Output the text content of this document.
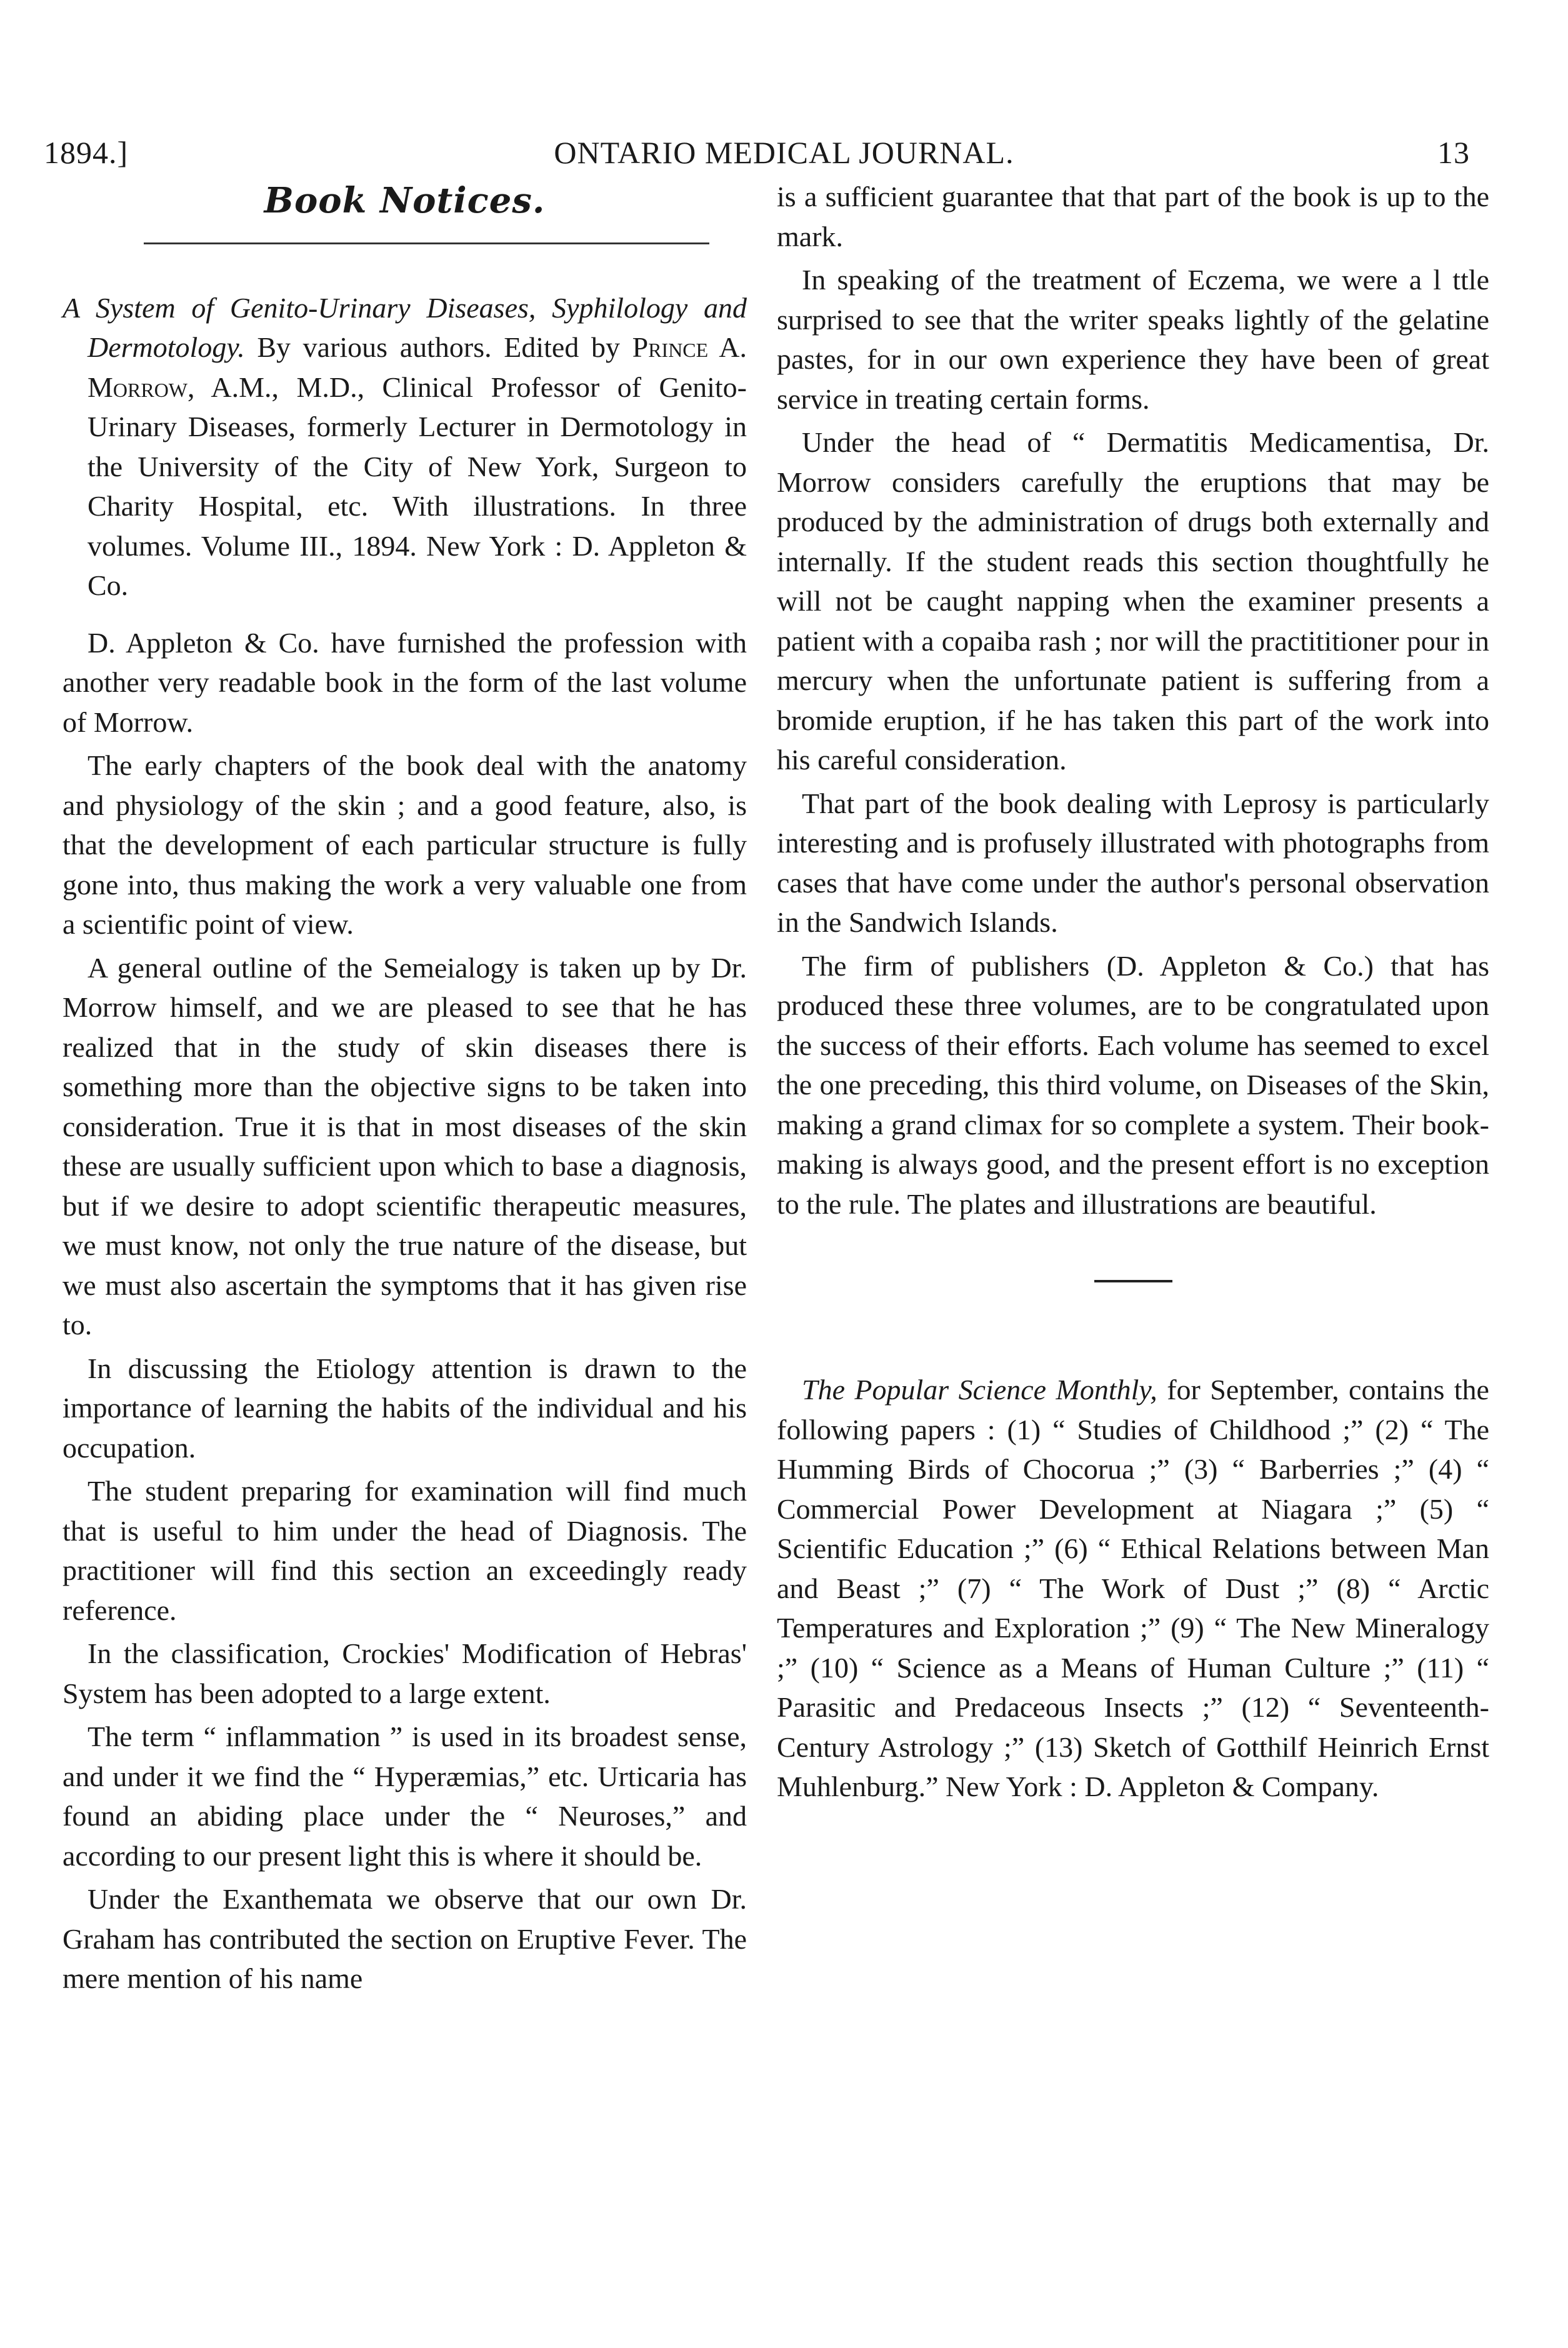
1894.]	ONTARIO MEDICAL JOURNAL.	13
Book Notices.

A System of Genito-Urinary Diseases, Syphilology and Dermotology. By various authors. Edited by Prince A. Morrow, A.M., M.D., Clinical Professor of Genito-Urinary Diseases, formerly Lecturer in Dermotology in the University of the City of New York, Surgeon to Charity Hospital, etc. With illustrations. In three volumes. Volume III., 1894. New York : D. Appleton & Co.

D. Appleton & Co. have furnished the profession with another very readable book in the form of the last volume of Morrow.

The early chapters of the book deal with the anatomy and physiology of the skin ; and a good feature, also, is that the development of each particular structure is fully gone into, thus making the work a very valuable one from a scientific point of view.

A general outline of the Semeialogy is taken up by Dr. Morrow himself, and we are pleased to see that he has realized that in the study of skin diseases there is something more than the objective signs to be taken into consideration. True it is that in most diseases of the skin these are usually sufficient upon which to base a diagnosis, but if we desire to adopt scientific therapeutic measures, we must know, not only the true nature of the disease, but we must also ascertain the symptoms that it has given rise to.

In discussing the Etiology attention is drawn to the importance of learning the habits of the individual and his occupation.

The student preparing for examination will find much that is useful to him under the head of Diagnosis. The practitioner will find this section an exceedingly ready reference.

In the classification, Crockies' Modification of Hebras' System has been adopted to a large extent.

The term “ inflammation ” is used in its broadest sense, and under it we find the “ Hyperæmias,” etc. Urticaria has found an abiding place under the “ Neuroses,” and according to our present light this is where it should be.

Under the Exanthemata we observe that our own Dr. Graham has contributed the section on Eruptive Fever. The mere mention of his name

is a sufficient guarantee that that part of the book is up to the mark.

In speaking of the treatment of Eczema, we were a l ttle surprised to see that the writer speaks lightly of the gelatine pastes, for in our own experience they have been of great service in treating certain forms.

Under the head of “ Dermatitis Medicamentisa, Dr. Morrow considers carefully the eruptions that may be produced by the administration of drugs both externally and internally. If the student reads this section thoughtfully he will not be caught napping when the examiner presents a patient with a copaiba rash ; nor will the practititioner pour in mercury when the unfortunate patient is suffering from a bromide eruption, if he has taken this part of the work into his careful consideration.

That part of the book dealing with Leprosy is particularly interesting and is profusely illustrated with photographs from cases that have come under the author's personal observation in the Sandwich Islands.

The firm of publishers (D. Appleton & Co.) that has produced these three volumes, are to be congratulated upon the success of their efforts. Each volume has seemed to excel the one preceding, this third volume, on Diseases of the Skin, making a grand climax for so complete a system. Their book-making is always good, and the present effort is no exception to the rule. The plates and illustrations are beautiful.

The Popular Science Monthly, for September, contains the following papers : (1) “ Studies of Childhood ;” (2) “ The Humming Birds of Chocorua ;” (3) “ Barberries ;” (4) “ Commercial Power Development at Niagara ;” (5) “ Scientific Education ;” (6) “ Ethical Relations between Man and Beast ;” (7) “ The Work of Dust ;” (8) “ Arctic Temperatures and Exploration ;” (9) “ The New Mineralogy ;” (10) “ Science as a Means of Human Culture ;” (11) “ Parasitic and Predaceous Insects ;” (12) “ Seventeenth-Century Astrology ;” (13) Sketch of Gotthilf Heinrich Ernst Muhlenburg.” New York : D. Appleton & Company.
